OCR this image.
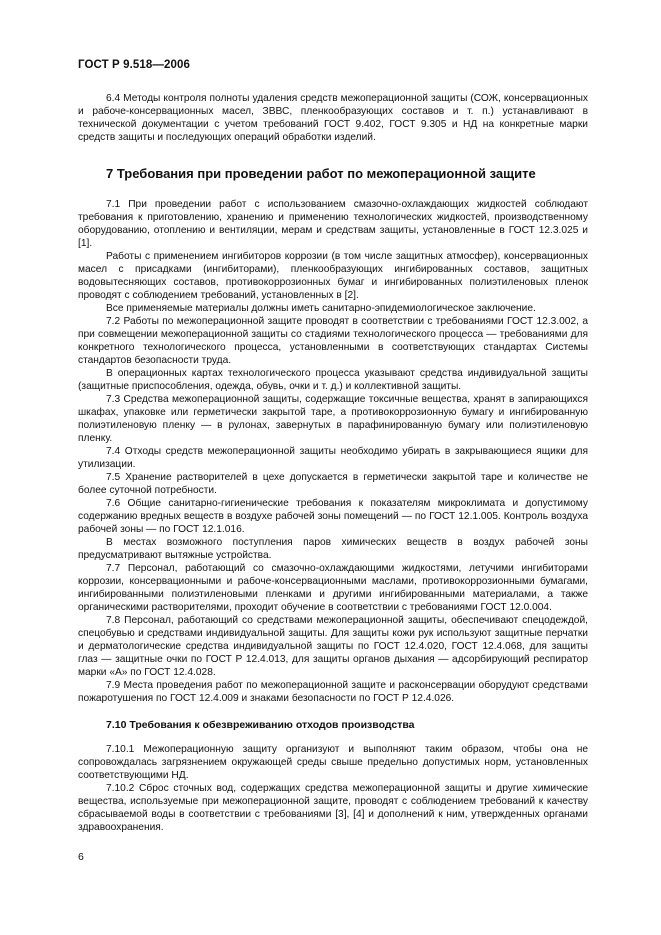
ГОСТ Р 9.518—2006

6.4 Методы контроля полноты удаления средств межоперационной защиты (СОЖ, консервационных и рабоче-консервационных масел, ЗВВС, пленкообразующих составов и т. п.) устанавливают в технической документации с учетом требований ГОСТ 9.402, ГОСТ 9.305 и НД на конкретные марки средств защиты и последующих операций обработки изделий.

7 Требования при проведении работ по межоперационной защите

7.1 При проведении работ с использованием смазочно-охлаждающих жидкостей соблюдают требования к приготовлению, хранению и применению технологических жидкостей, производственному оборудованию, отоплению и вентиляции, мерам и средствам защиты, установленные в ГОСТ 12.3.025 и [1].

Работы с применением ингибиторов коррозии (в том числе защитных атмосфер), консервационных масел с присадками (ингибиторами), пленкообразующих ингибированных составов, защитных водовытесняющих составов, противокоррозионных бумаг и ингибированных полиэтиленовых пленок проводят с соблюдением требований, установленных в [2].

Все применяемые материалы должны иметь санитарно-эпидемиологическое заключение.

7.2 Работы по межоперационной защите проводят в соответствии с требованиями ГОСТ 12.3.002, а при совмещении межоперационной защиты со стадиями технологического процесса — требованиями для конкретного технологического процесса, установленными в соответствующих стандартах Системы стандартов безопасности труда.

В операционных картах технологического процесса указывают средства индивидуальной защиты (защитные приспособления, одежда, обувь, очки и т. д.) и коллективной защиты.

7.3 Средства межоперационной защиты, содержащие токсичные вещества, хранят в запирающихся шкафах, упаковке или герметически закрытой таре, а противокоррозионную бумагу и ингибированную полиэтиленовую пленку — в рулонах, завернутых в парафинированную бумагу или полиэтиленовую пленку.

7.4 Отходы средств межоперационной защиты необходимо убирать в закрывающиеся ящики для утилизации.

7.5 Хранение растворителей в цехе допускается в герметически закрытой таре и количестве не более суточной потребности.

7.6 Общие санитарно-гигиенические требования к показателям микроклимата и допустимому содержанию вредных веществ в воздухе рабочей зоны помещений — по ГОСТ 12.1.005. Контроль воздуха рабочей зоны — по ГОСТ 12.1.016.

В местах возможного поступления паров химических веществ в воздух рабочей зоны предусматривают вытяжные устройства.

7.7 Персонал, работающий со смазочно-охлаждающими жидкостями, летучими ингибиторами коррозии, консервационными и рабоче-консервационными маслами, противокоррозионными бумагами, ингибированными полиэтиленовыми пленками и другими ингибированными материалами, а также органическими растворителями, проходит обучение в соответствии с требованиями ГОСТ 12.0.004.

7.8 Персонал, работающий со средствами межоперационной защиты, обеспечивают спецодеждой, спецобувью и средствами индивидуальной защиты. Для защиты кожи рук используют защитные перчатки и дерматологические средства индивидуальной защиты по ГОСТ 12.4.020, ГОСТ 12.4.068, для защиты глаз — защитные очки по ГОСТ Р 12.4.013, для защиты органов дыхания — адсорбирующий респиратор марки «А» по ГОСТ 12.4.028.

7.9 Места проведения работ по межоперационной защите и расконсервации оборудуют средствами пожаротушения по ГОСТ 12.4.009 и знаками безопасности по ГОСТ Р 12.4.026.

7.10 Требования к обезвреживанию отходов производства

7.10.1 Межоперационную защиту организуют и выполняют таким образом, чтобы она не сопровождалась загрязнением окружающей среды свыше предельно допустимых норм, установленных соответствующими НД.

7.10.2 Сброс сточных вод, содержащих средства межоперационной защиты и другие химические вещества, используемые при межоперационной защите, проводят с соблюдением требований к качеству сбрасываемой воды в соответствии с требованиями [3], [4] и дополнений к ним, утвержденных органами здравоохранения.

6
